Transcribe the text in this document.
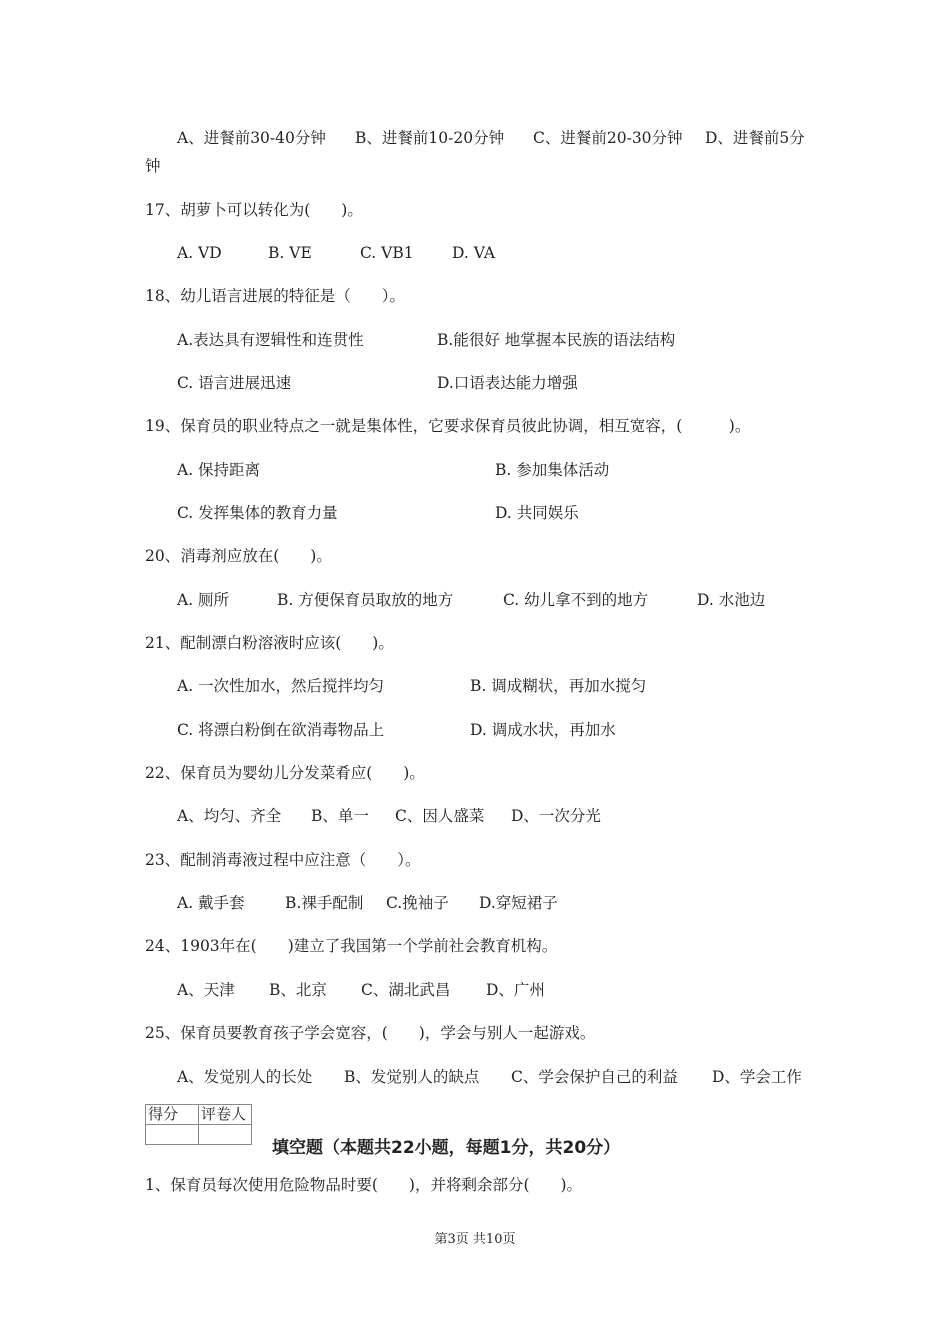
A、进餐前30-40分钟 B、进餐前10-20分钟 C、进餐前20-30分钟 D、进餐前5分
钟
17、胡萝卜可以转化为(　　)。
A. VD	B. VE	C. VB1 D. VA
18、幼儿语言进展的特征是（　　）。
A.表达具有逻辑性和连贯性	B.能很好 地掌握本民族的语法结构
C. 语言进展迅速	D.口语表达能力增强
19、保育员的职业特点之一就是集体性，它要求保育员彼此协调，相互宽容，(　　　)。
A. 保持距离	B. 参加集体活动
C. 发挥集体的教育力量	D. 共同娱乐
20、消毒剂应放在(　　)。
A. 厕所	B. 方便保育员取放的地方	C. 幼儿拿不到的地方	D. 水池边
21、配制漂白粉溶液时应该(　　)。
A. 一次性加水，然后搅拌均匀	B. 调成糊状，再加水搅匀
C. 将漂白粉倒在欲消毒物品上	D. 调成水状，再加水
22、保育员为婴幼儿分发菜肴应(　　)。
A、均匀、齐全 B、单一 C、因人盛菜 D、一次分光
23、配制消毒液过程中应注意（　　）。
A. 戴手套	B.裸手配制 C.挽袖子 D.穿短裙子
24、1903年在(　　)建立了我国第一个学前社会教育机构。
A、天津 B、北京 C、湖北武昌 D、广州
25、保育员要教育孩子学会宽容，(　　)，学会与别人一起游戏。
A、发觉别人的长处 B、发觉别人的缺点 C、学会保护自己的利益 D、学会工作
得分	评卷人

填空题（本题共22小题，每题1分，共20分）
1、保育员每次使用危险物品时要(　　)，并将剩余部分(　　)。
第3页 共10页
